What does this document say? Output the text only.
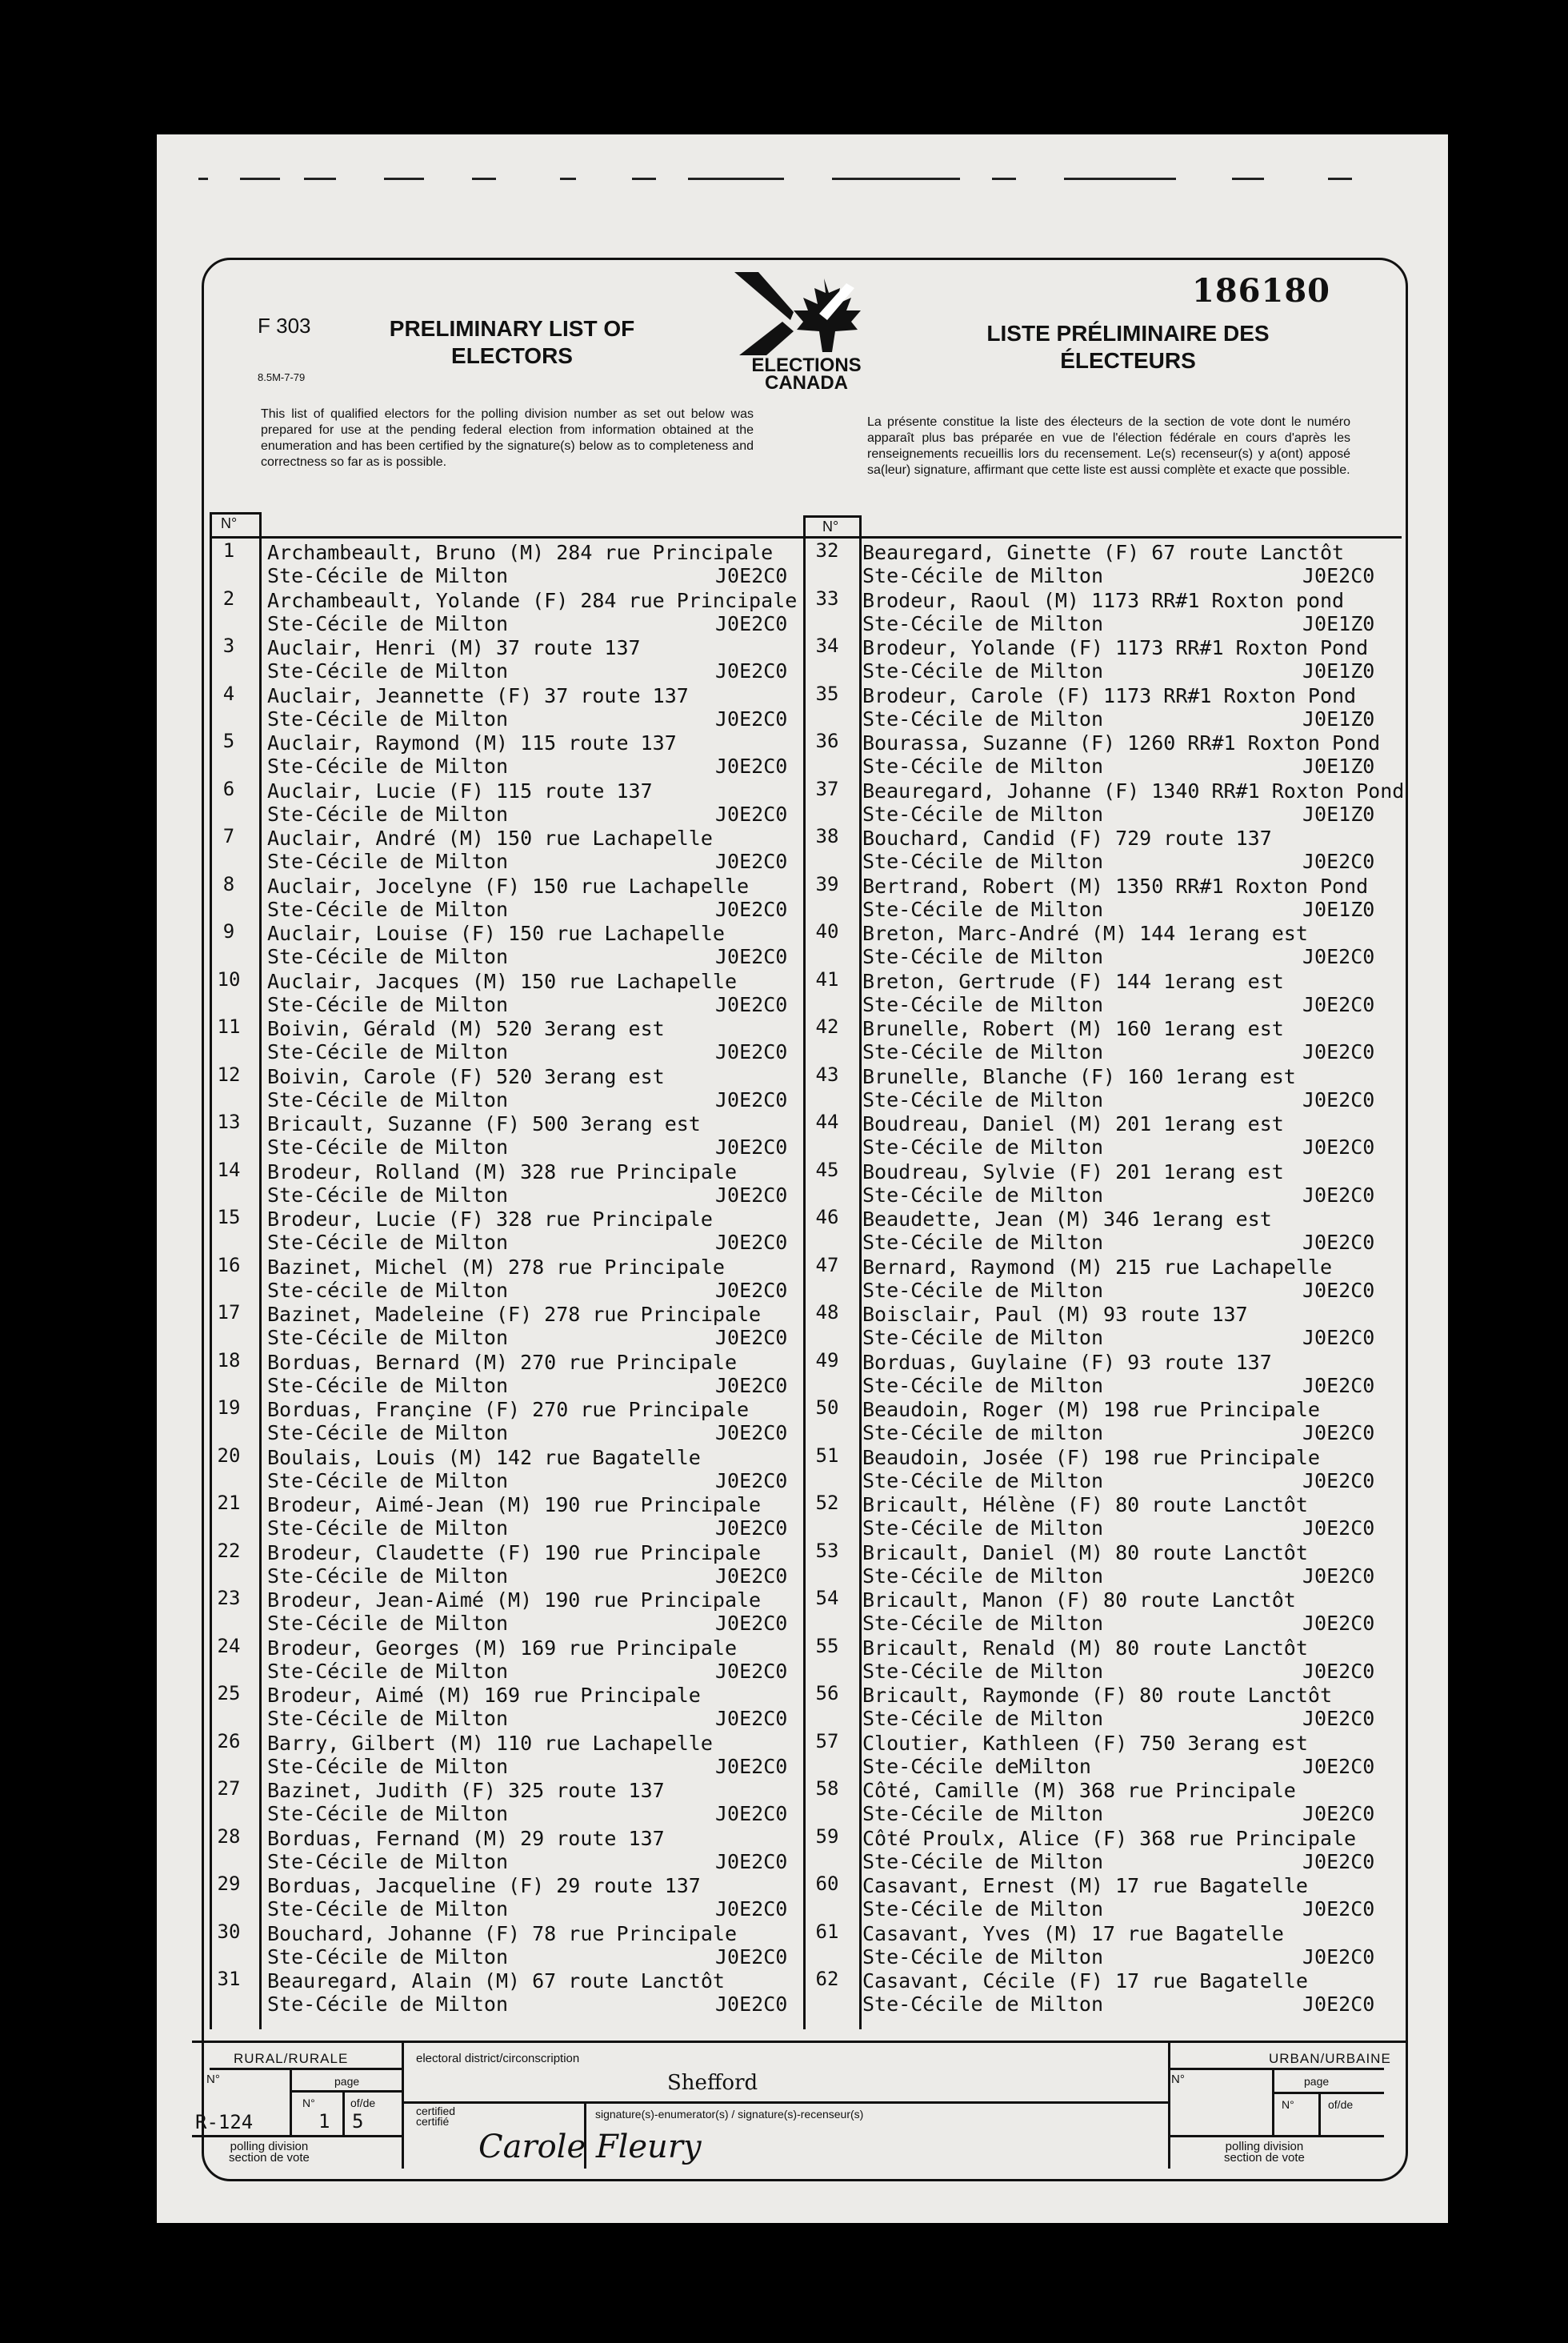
186180
F 303
8.5M-7-79
PRELIMINARY LIST OF ELECTORS
LISTE PRÉLIMINAIRE DES ÉLECTEURS
ELECTIONS
CANADA
This list of qualified electors for the polling division number as set out below was prepared for use at the pending federal election from information obtained at the enumeration and has been certified by the signature(s) below as to completeness and correctness so far as is possible.
La présente constitue la liste des électeurs de la section de vote dont le numéro apparaît plus bas préparée en vue de l'élection fédérale en cours d'après les renseignements recueillis lors du recensement. Le(s) recenseur(s) y a(ont) apposé sa(leur) signature, affirmant que cette liste est aussi complète et exacte que possible.
N°	N°
1	Archambeault, Bruno (M) 284 rue Principale
Ste-Cécile de Milton	J0E2C0
2	Archambeault, Yolande (F) 284 rue Principale
Ste-Cécile de Milton	J0E2C0
3	Auclair, Henri (M) 37 route 137
Ste-Cécile de Milton	J0E2C0
4	Auclair, Jeannette (F) 37 route 137
Ste-Cécile de Milton	J0E2C0
5	Auclair, Raymond (M) 115 route 137
Ste-Cécile de Milton	J0E2C0
6	Auclair, Lucie (F) 115 route 137
Ste-Cécile de Milton	J0E2C0
7	Auclair, André (M) 150 rue Lachapelle
Ste-Cécile de Milton	J0E2C0
8	Auclair, Jocelyne (F) 150 rue Lachapelle
Ste-Cécile de Milton	J0E2C0
9	Auclair, Louise (F) 150 rue Lachapelle
Ste-Cécile de Milton	J0E2C0
10	Auclair, Jacques (M) 150 rue Lachapelle
Ste-Cécile de Milton	J0E2C0
11	Boivin, Gérald (M) 520 3erang est
Ste-Cécile de Milton	J0E2C0
12	Boivin, Carole (F) 520 3erang est
Ste-Cécile de Milton	J0E2C0
13	Bricault, Suzanne (F) 500 3erang est
Ste-Cécile de Milton	J0E2C0
14	Brodeur, Rolland (M) 328 rue Principale
Ste-Cécile de Milton	J0E2C0
15	Brodeur, Lucie (F) 328 rue Principale
Ste-Cécile de Milton	J0E2C0
16	Bazinet, Michel (M) 278 rue Principale
Ste-cécile de Milton	J0E2C0
17	Bazinet, Madeleine (F) 278 rue Principale
Ste-Cécile de Milton	J0E2C0
18	Borduas, Bernard (M) 270 rue Principale
Ste-Cécile de Milton	J0E2C0
19	Borduas, Françine (F) 270 rue Principale
Ste-Cécile de Milton	J0E2C0
20	Boulais, Louis (M) 142 rue Bagatelle
Ste-Cécile de Milton	J0E2C0
21	Brodeur, Aimé-Jean (M) 190 rue Principale
Ste-Cécile de Milton	J0E2C0
22	Brodeur, Claudette (F) 190 rue Principale
Ste-Cécile de Milton	J0E2C0
23	Brodeur, Jean-Aimé (M) 190 rue Principale
Ste-Cécile de Milton	J0E2C0
24	Brodeur, Georges (M) 169 rue Principale
Ste-Cécile de Milton	J0E2C0
25	Brodeur, Aimé (M) 169 rue Principale
Ste-Cécile de Milton	J0E2C0
26	Barry, Gilbert (M) 110 rue Lachapelle
Ste-Cécile de Milton	J0E2C0
27	Bazinet, Judith (F) 325 route 137
Ste-Cécile de Milton	J0E2C0
28	Borduas, Fernand (M) 29 route 137
Ste-Cécile de Milton	J0E2C0
29	Borduas, Jacqueline (F) 29 route 137
Ste-Cécile de Milton	J0E2C0
30	Bouchard, Johanne (F) 78 rue Principale
Ste-Cécile de Milton	J0E2C0
31	Beauregard, Alain (M) 67 route Lanctôt
Ste-Cécile de Milton	J0E2C0
32	Beauregard, Ginette (F) 67 route Lanctôt
Ste-Cécile de Milton	J0E2C0
33	Brodeur, Raoul (M) 1173 RR#1 Roxton pond
Ste-Cécile de Milton	J0E1Z0
34	Brodeur, Yolande (F) 1173 RR#1 Roxton Pond
Ste-Cécile de Milton	J0E1Z0
35	Brodeur, Carole (F) 1173 RR#1 Roxton Pond
Ste-Cécile de Milton	J0E1Z0
36	Bourassa, Suzanne (F) 1260 RR#1 Roxton Pond
Ste-Cécile de Milton	J0E1Z0
37	Beauregard, Johanne (F) 1340 RR#1 Roxton Pond
Ste-Cécile de Milton	J0E1Z0
38	Bouchard, Candid (F) 729 route 137
Ste-Cécile de Milton	J0E2C0
39	Bertrand, Robert (M) 1350 RR#1 Roxton Pond
Ste-Cécile de Milton	J0E1Z0
40	Breton, Marc-André (M) 144 1erang est
Ste-Cécile de Milton	J0E2C0
41	Breton, Gertrude (F) 144 1erang est
Ste-Cécile de Milton	J0E2C0
42	Brunelle, Robert (M) 160 1erang est
Ste-Cécile de Milton	J0E2C0
43	Brunelle, Blanche (F) 160 1erang est
Ste-Cécile de Milton	J0E2C0
44	Boudreau, Daniel (M) 201 1erang est
Ste-Cécile de Milton	J0E2C0
45	Boudreau, Sylvie (F) 201 1erang est
Ste-Cécile de Milton	J0E2C0
46	Beaudette, Jean (M) 346 1erang est
Ste-Cécile de Milton	J0E2C0
47	Bernard, Raymond (M) 215 rue Lachapelle
Ste-Cécile de Milton	J0E2C0
48	Boisclair, Paul (M) 93 route 137
Ste-Cécile de Milton	J0E2C0
49	Borduas, Guylaine (F) 93 route 137
Ste-Cécile de Milton	J0E2C0
50	Beaudoin, Roger (M) 198 rue Principale
Ste-Cécile de milton	J0E2C0
51	Beaudoin, Josée (F) 198 rue Principale
Ste-Cécile de Milton	J0E2C0
52	Bricault, Hélène (F) 80 route Lanctôt
Ste-Cécile de Milton	J0E2C0
53	Bricault, Daniel (M) 80 route Lanctôt
Ste-Cécile de Milton	J0E2C0
54	Bricault, Manon (F) 80 route Lanctôt
Ste-Cécile de Milton	J0E2C0
55	Bricault, Renald (M) 80 route Lanctôt
Ste-Cécile de Milton	J0E2C0
56	Bricault, Raymonde (F) 80 route Lanctôt
Ste-Cécile de Milton	J0E2C0
57	Cloutier, Kathleen (F) 750 3erang est
Ste-Cécile deMilton	J0E2C0
58	Côté, Camille (M) 368 rue Principale
Ste-Cécile de Milton	J0E2C0
59	Côté Proulx, Alice (F) 368 rue Principale
Ste-Cécile de Milton	J0E2C0
60	Casavant, Ernest (M) 17 rue Bagatelle
Ste-Cécile de Milton	J0E2C0
61	Casavant, Yves (M) 17 rue Bagatelle
Ste-Cécile de Milton	J0E2C0
62	Casavant, Cécile (F) 17 rue Bagatelle
Ste-Cécile de Milton	J0E2C0
RURAL/RURALE	URBAN/URBAINE
N°	page
N°	of/de
R-124	1 5
polling division
section de vote
electoral district/circonscription
Shefford
certified
certifié
signature(s)-enumerator(s) / signature(s)-recenseur(s)
Carole Fleury
N°	page
N°	of/de
polling division
section de vote
